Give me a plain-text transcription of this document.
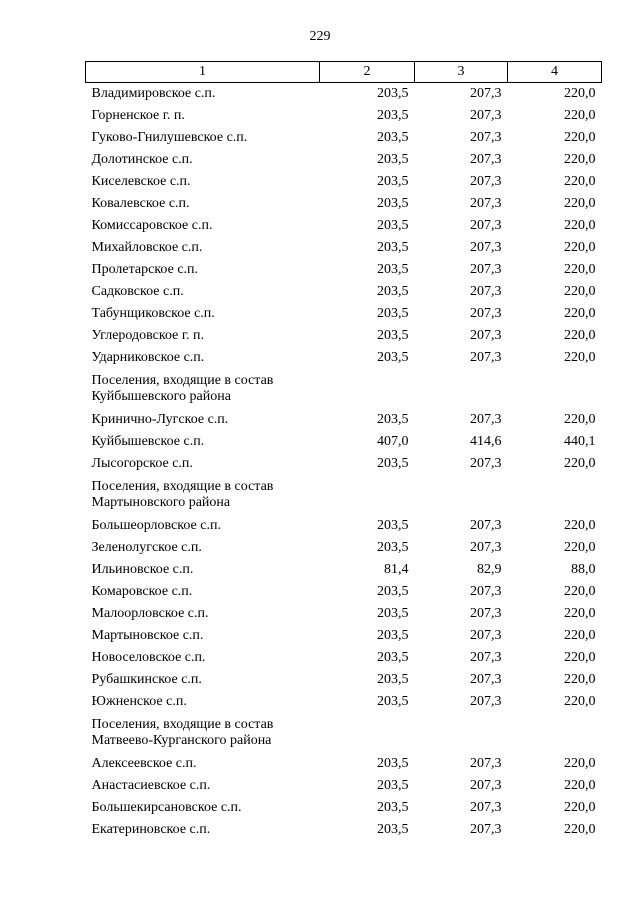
229
1	2	3	4
Владимировское с.п.	203,5	207,3	220,0
Горненское г. п.	203,5	207,3	220,0
Гуково-Гнилушевское с.п.	203,5	207,3	220,0
Долотинское с.п.	203,5	207,3	220,0
Киселевское с.п.	203,5	207,3	220,0
Ковалевское с.п.	203,5	207,3	220,0
Комиссаровское с.п.	203,5	207,3	220,0
Михайловское с.п.	203,5	207,3	220,0
Пролетарское с.п.	203,5	207,3	220,0
Садковское с.п.	203,5	207,3	220,0
Табунщиковское с.п.	203,5	207,3	220,0
Углеродовское г. п.	203,5	207,3	220,0
Ударниковское с.п.	203,5	207,3	220,0

Поселения, входящие в состав
Куйбышевского района			

Кринично-Лугское с.п.	203,5	207,3	220,0
Куйбышевское с.п.	407,0	414,6	440,1
Лысогорское с.п.	203,5	207,3	220,0

Поселения, входящие в состав
Мартыновского района			

Большеорловское с.п.	203,5	207,3	220,0
Зеленолугское с.п.	203,5	207,3	220,0
Ильиновское с.п.	81,4	82,9	88,0
Комаровское с.п.	203,5	207,3	220,0
Малоорловское с.п.	203,5	207,3	220,0
Мартыновское с.п.	203,5	207,3	220,0
Новоселовское с.п.	203,5	207,3	220,0
Рубашкинское с.п.	203,5	207,3	220,0
Южненское с.п.	203,5	207,3	220,0

Поселения, входящие в состав
Матвеево-Курганского района			

Алексеевское с.п.	203,5	207,3	220,0
Анастасиевское с.п.	203,5	207,3	220,0
Большекирсановское с.п.	203,5	207,3	220,0
Екатериновское с.п.	203,5	207,3	220,0
